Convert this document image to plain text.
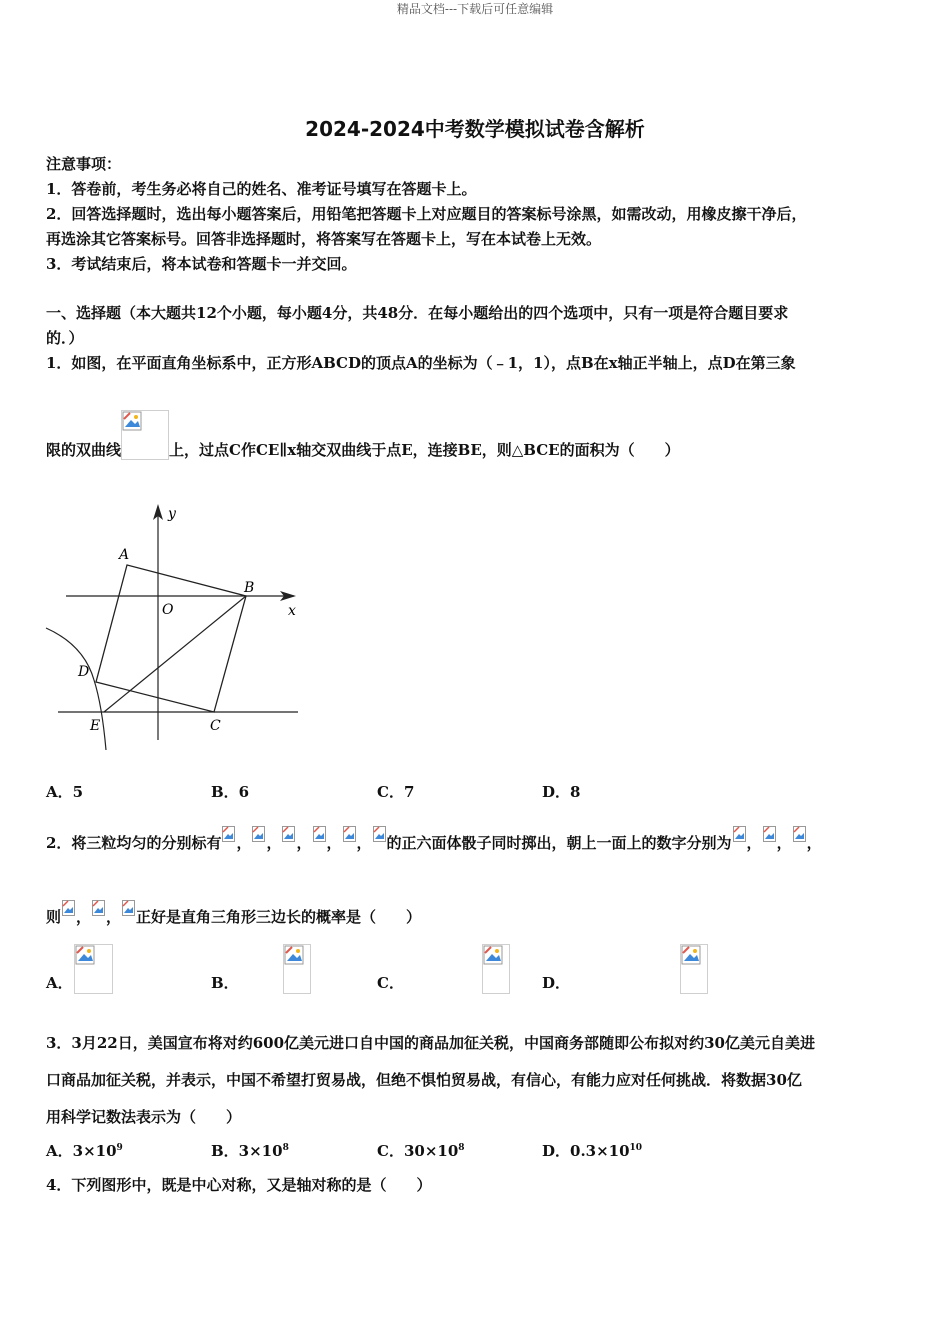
精品文档---下载后可任意编辑
2024-2024中考数学模拟试卷含解析
注意事项：
1．答卷前，考生务必将自己的姓名、准考证号填写在答题卡上。
2．回答选择题时，选出每小题答案后，用铅笔把答题卡上对应题目的答案标号涂黑，如需改动，用橡皮擦干净后，
再选涂其它答案标号。回答非选择题时，将答案写在答题卡上，写在本试卷上无效。
3．考试结束后，将本试卷和答题卡一并交回。
一、选择题（本大题共12个小题，每小题4分，共48分．在每小题给出的四个选项中，只有一项是符合题目要求
的．）
1．如图，在平面直角坐标系中，正方形ABCD的顶点A的坐标为（﹣1，1），点B在x轴正半轴上，点D在第三象
限的双曲线	上，过点C作CE∥x轴交双曲线于点E，连接BE，则△BCE的面积为（　　）
y
x
A
B
O
D
E	C
A．5	B．6	C．7	D．8
2．将三粒均匀的分别标有 ， ， ， ， ， 的正六面体骰子同时掷出，朝上一面上的数字分别为 ， ， ，
则 ， ， 正好是直角三角形三边长的概率是（　　）
A．
	B．
	C．
	D．
3．3月22日，美国宣布将对约600亿美元进口自中国的商品加征关税，中国商务部随即公布拟对约30亿美元自美进
口商品加征关税，并表示，中国不希望打贸易战，但绝不惧怕贸易战，有信心，有能力应对任何挑战．将数据30亿
用科学记数法表示为（　　）
A．$3\times 10^9$	B．$3\times 10^8$	C．$30\times 10^8$	D．$0.3\times 10^{10}$
4．下列图形中，既是中心对称，又是轴对称的是（　　）
